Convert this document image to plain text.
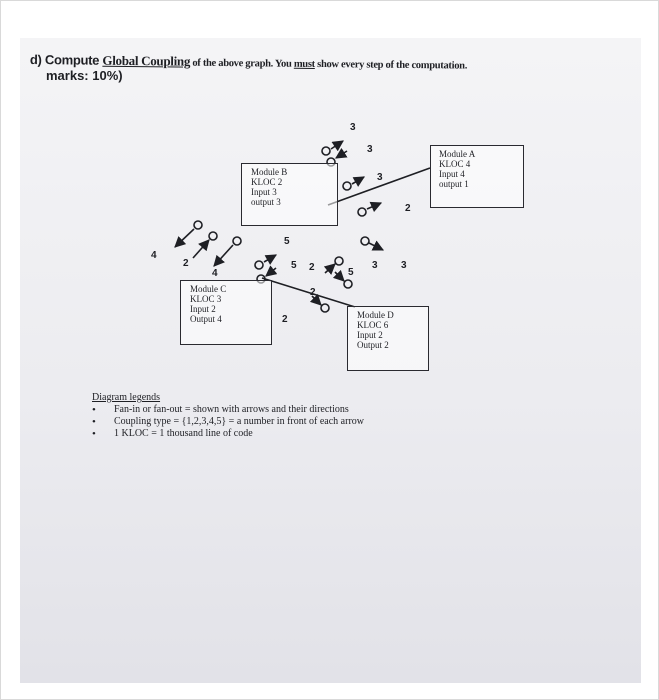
d) Compute Global Coupling of the above graph. You must show every step of the computation.
marks: 10%)
3
3
3
2
4
2
4
5
5 2
2
5
3 3
2
Module A
KLOC 4
Input 4
output 1
Module B
KLOC 2
Input 3
output 3
Module C
KLOC 3
Input 2
Output 4	Module D
KLOC 6
Input 2
Output 2
Diagram legends
• Fan-in or fan-out = shown with arrows and their directions
• Coupling type = {1,2,3,4,5} = a number in front of each arrow
• 1 KLOC = 1 thousand line of code
